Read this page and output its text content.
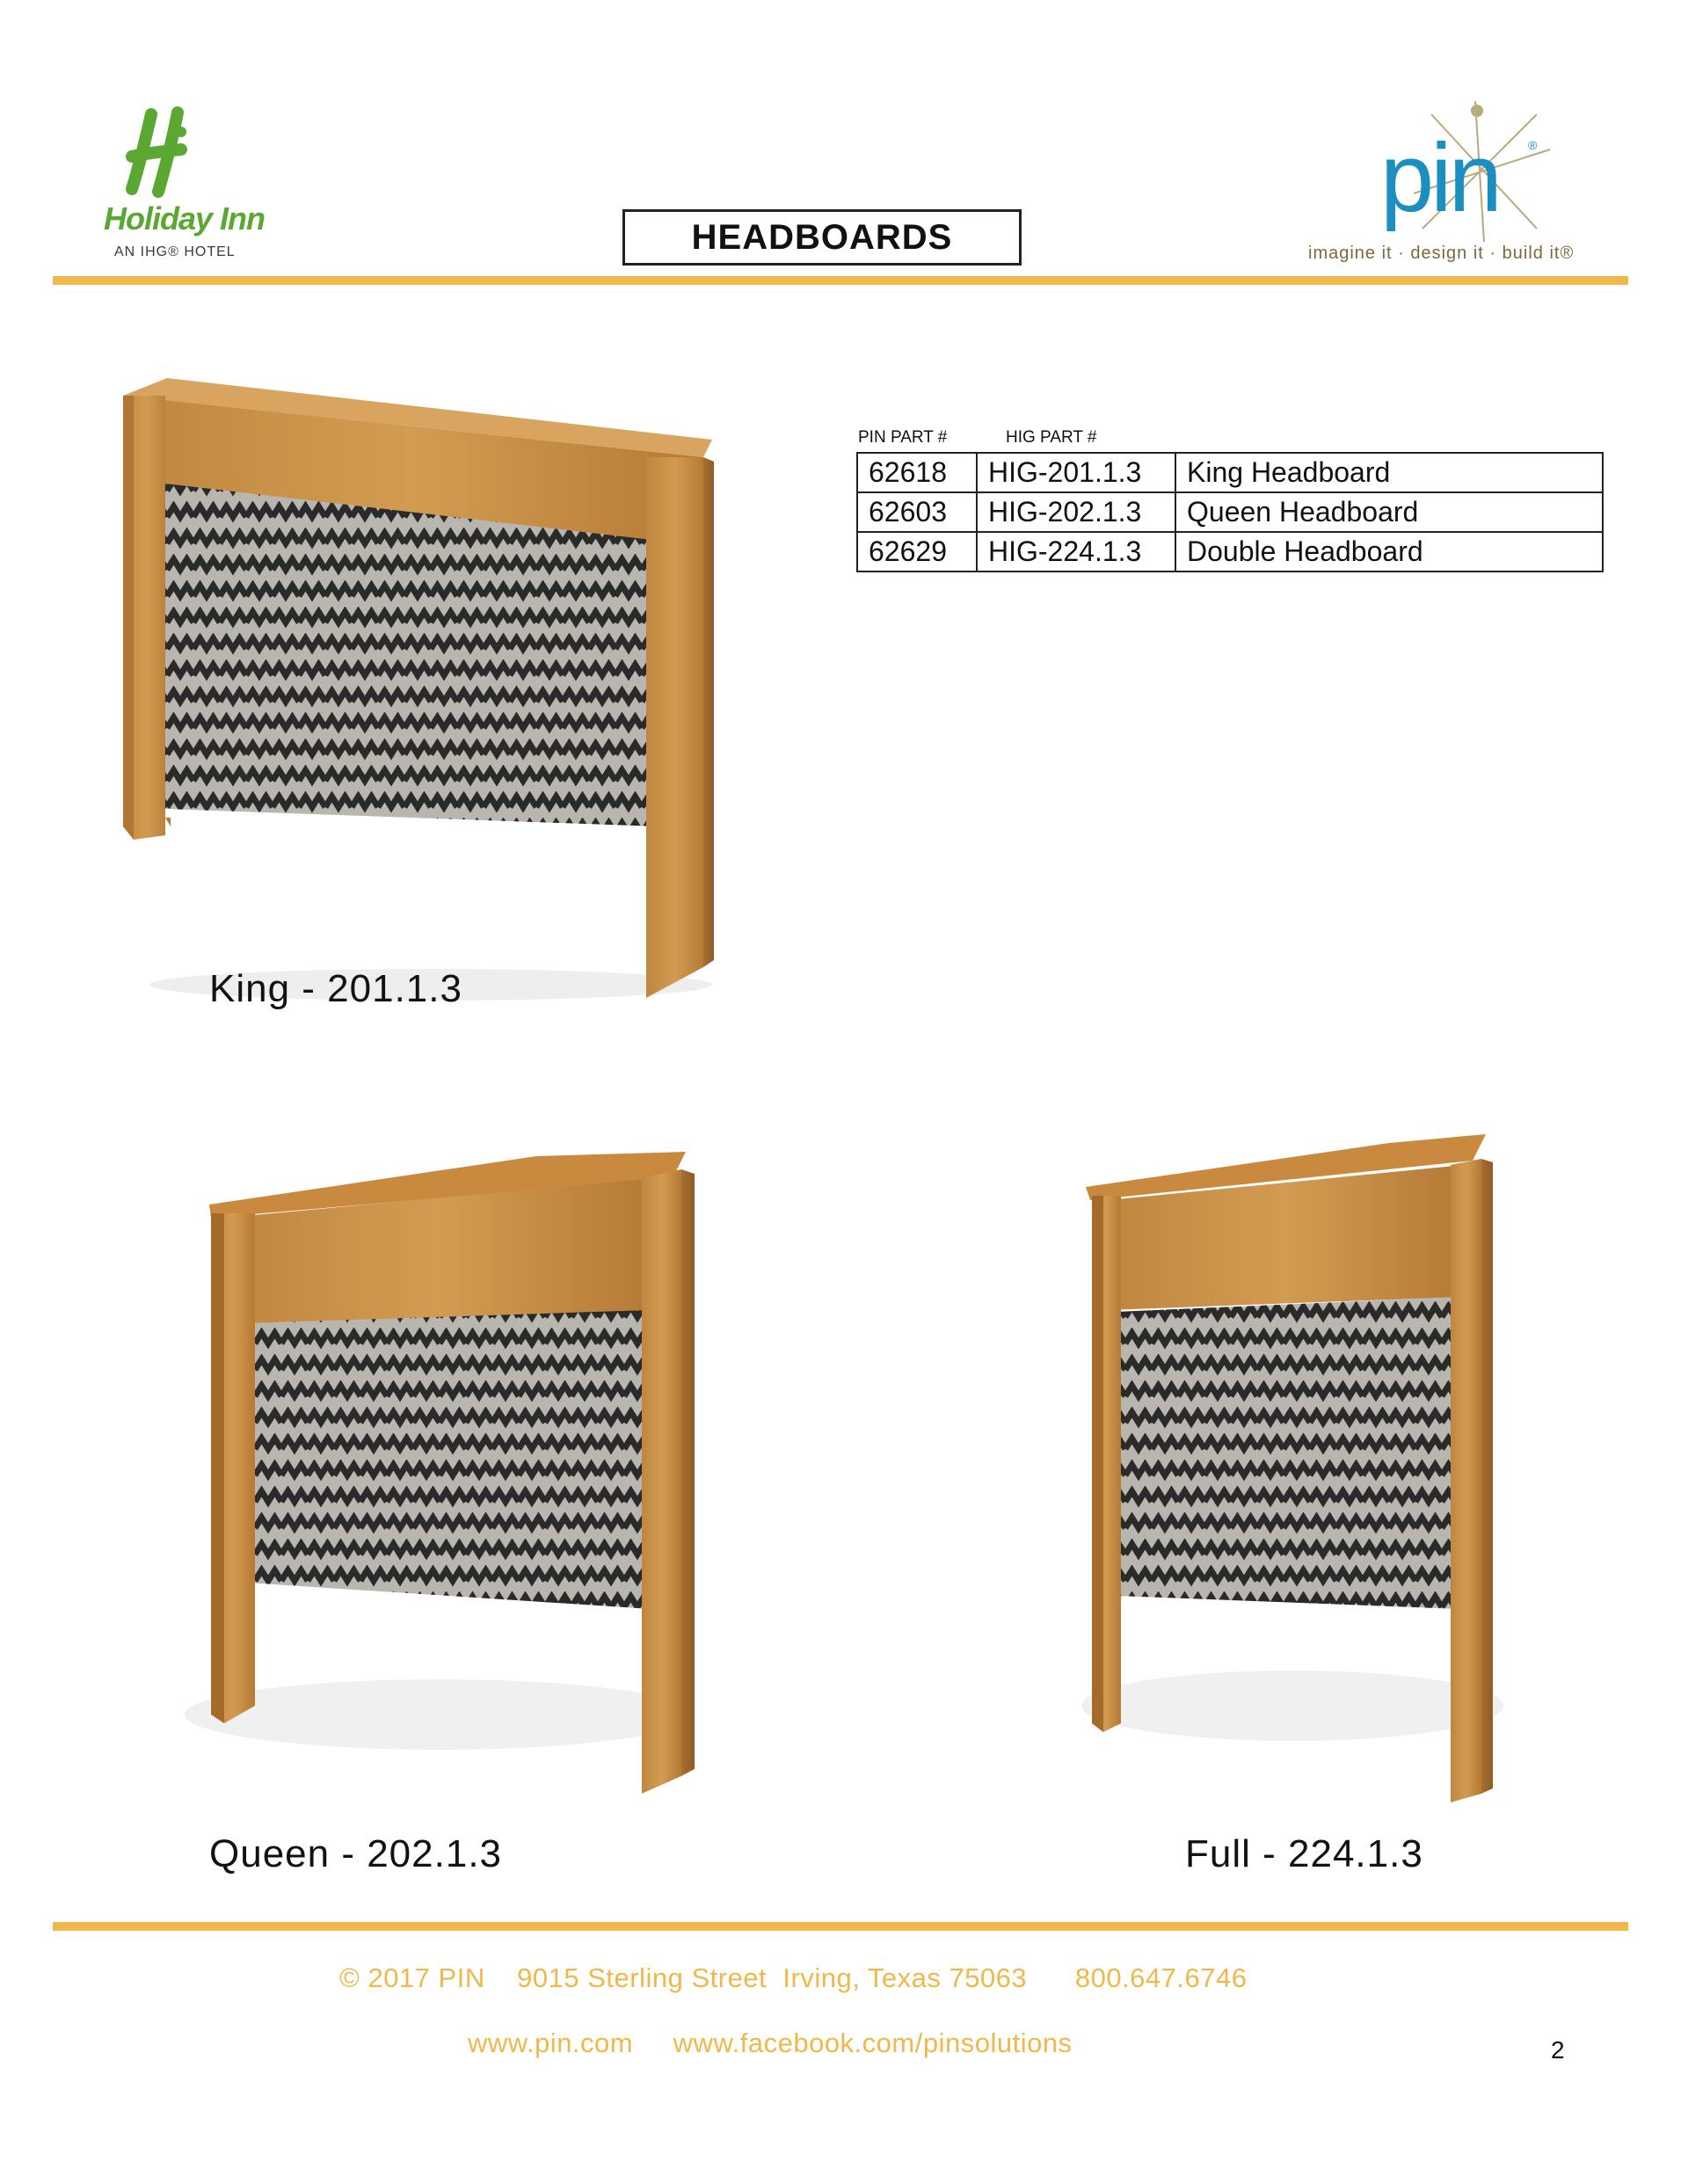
Holiday Inn
AN IHG® HOTEL	HEADBOARDS
pin ®
imagine it · design it · build it®
PIN PART #	HIG PART #
62618	HIG-201.1.3	King Headboard
62603	HIG-202.1.3	Queen Headboard
62629	HIG-224.1.3	Double Headboard
King - 201.1.3
Queen - 202.1.3	Full - 224.1.3
© 2017 PIN    9015 Sterling Street  Irving, Texas 75063      800.647.6746
www.pin.com     www.facebook.com/pinsolutions	2
